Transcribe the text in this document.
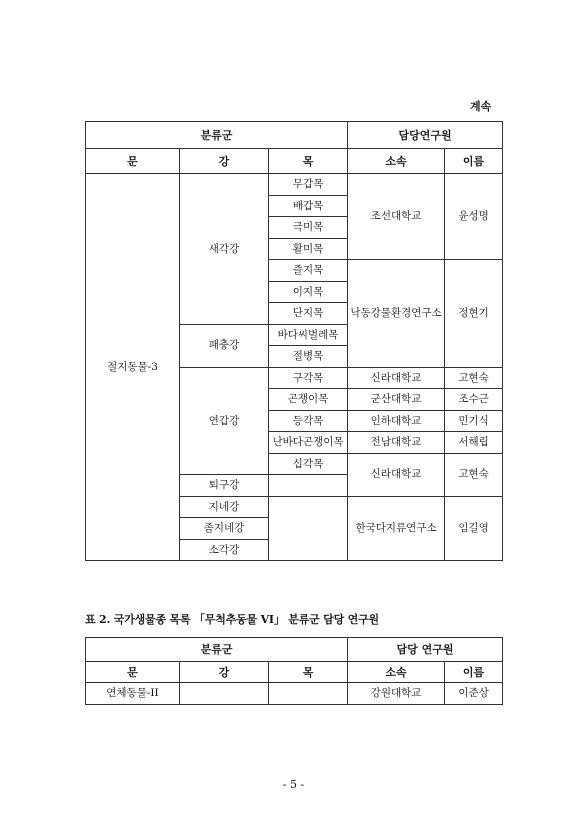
계속
분류군			담당연구원	
문	강	목	소속	이름
절지동물-3	새각강	무갑목	조선대학교	윤성명
		배갑목		
		극미목		
		활미목		
		즐지목	낙동강물환경연구소	정현기
		이지목		
		단지목		
	패충강	바다씨벌레목		
		절병목		
	연갑강	구각목	신라대학교	고현숙
		곤쟁이목	군산대학교	조수근
		등각목	인하대학교	민기식
		난바다곤쟁이목	전남대학교	서해립
		십각목	신라대학교	고현숙
	퇴구강			
	지네강		한국다지류연구소	임길영
	좀지네강			
	소각강			
표 2. 국가생물종 목록 「무척추동물 VI」 분류군 담당 연구원
분류군			담당 연구원	
문	강	목	소속	이름
연체동물-II			강원대학교	이준상
- 5 -
